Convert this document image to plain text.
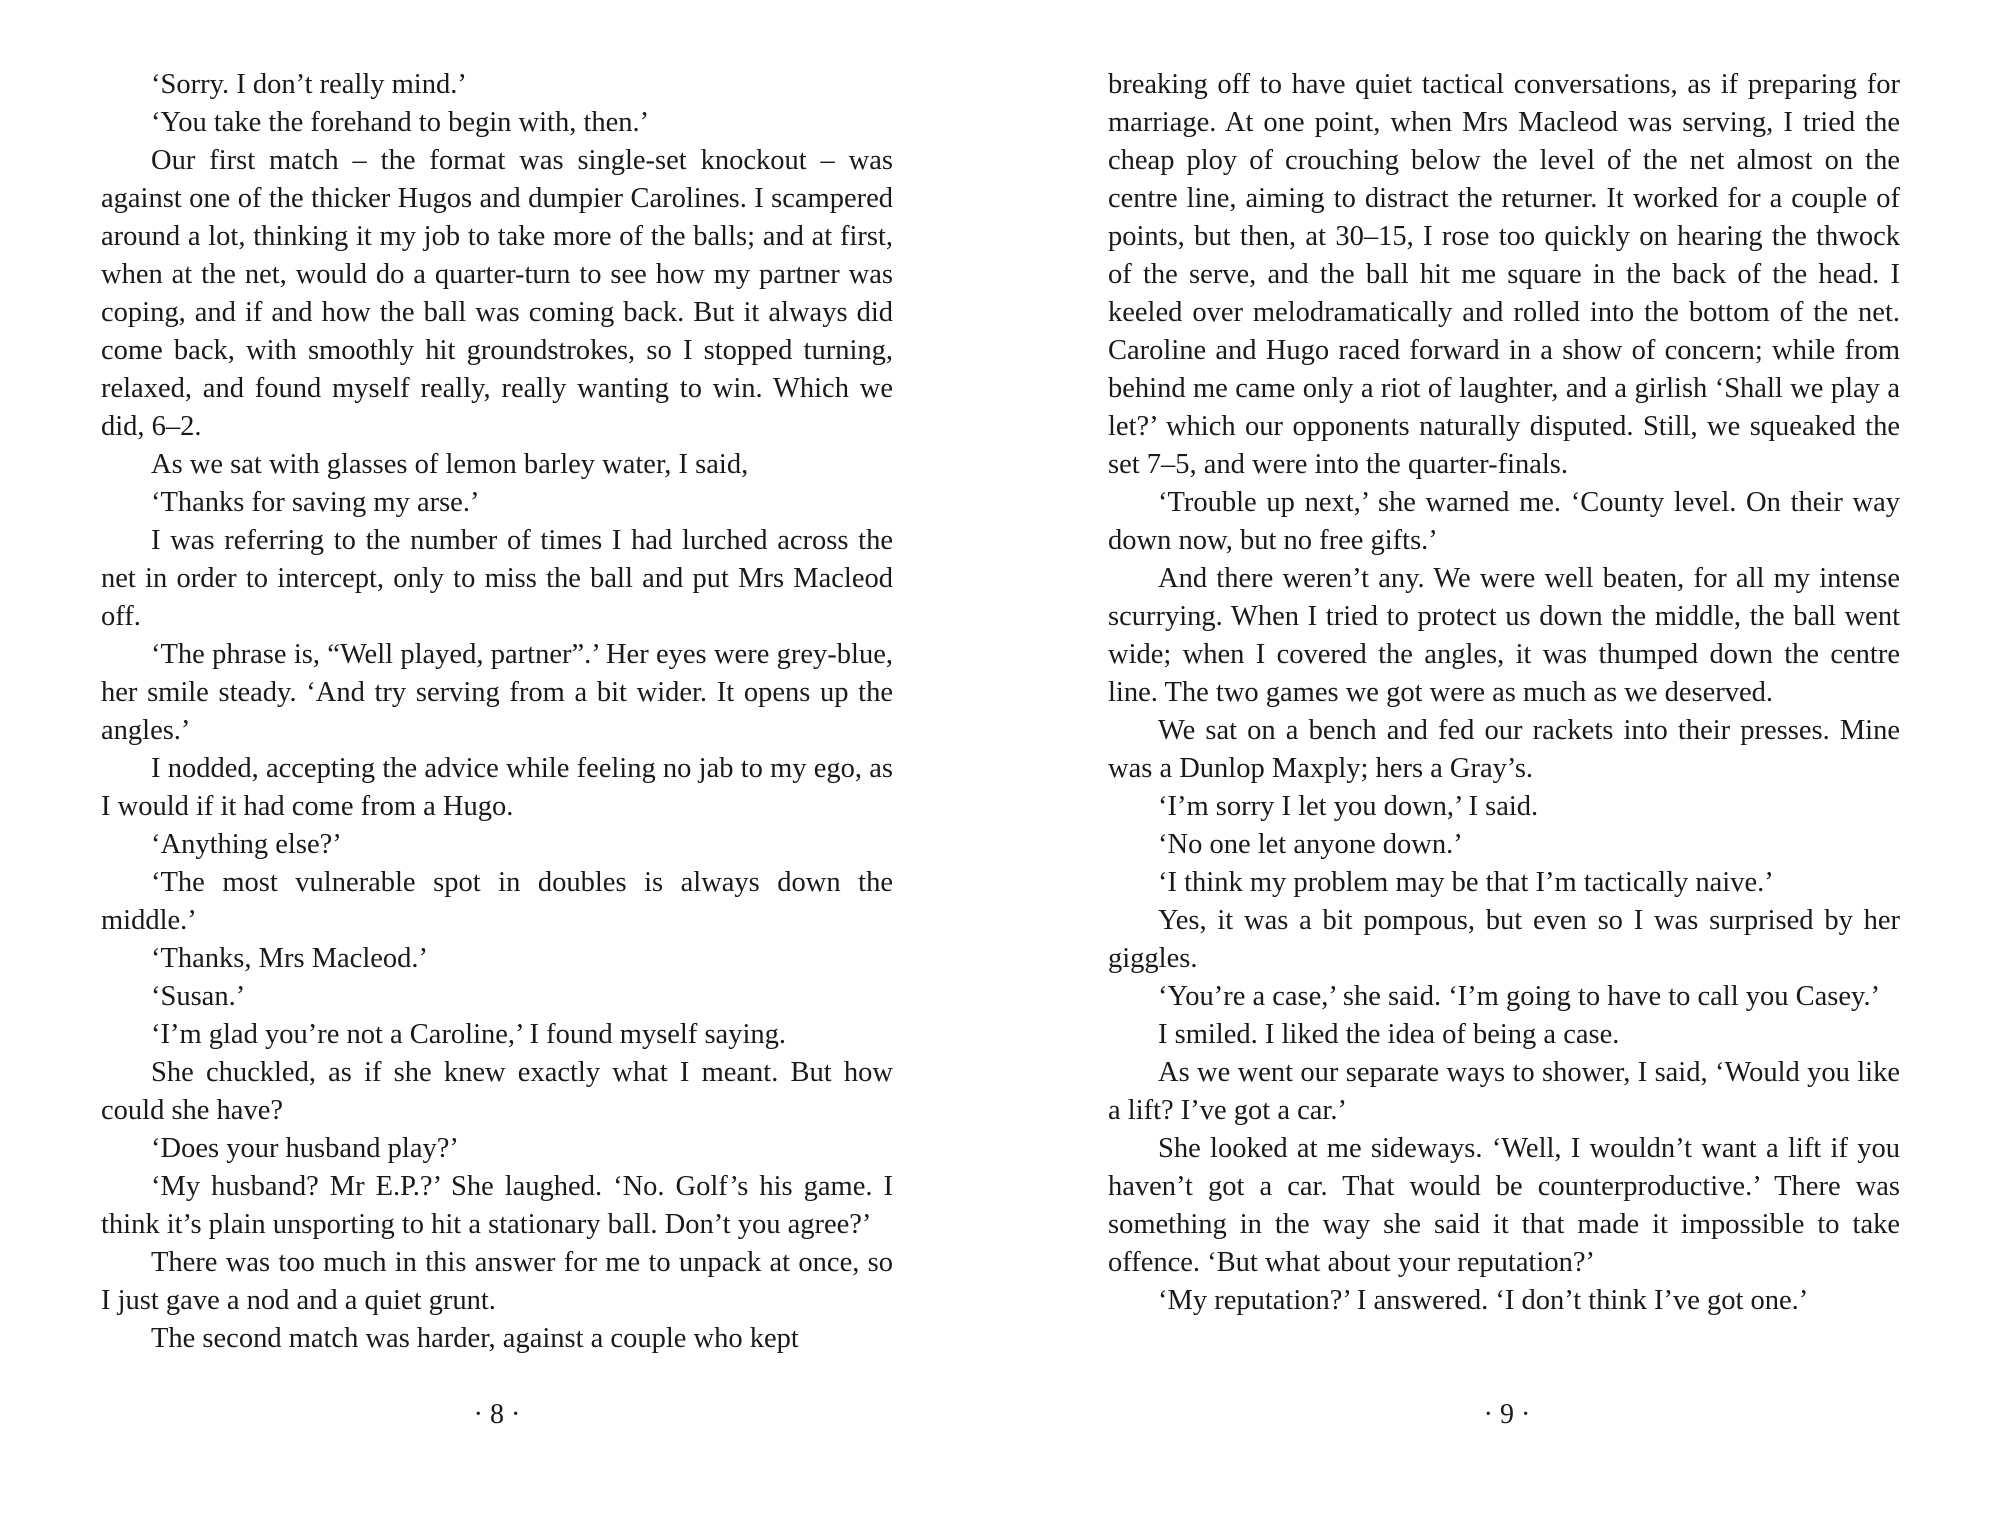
‘Sorry. I don’t really mind.’

‘You take the forehand to begin with, then.’

Our first match – the format was single-set knockout – was against one of the thicker Hugos and dumpier Carolines. I scampered around a lot, thinking it my job to take more of the balls; and at first, when at the net, would do a quarter-turn to see how my partner was coping, and if and how the ball was coming back. But it always did come back, with smoothly hit groundstrokes, so I stopped turning, relaxed, and found myself really, really wanting to win. Which we did, 6–2.

As we sat with glasses of lemon barley water, I said,

‘Thanks for saving my arse.’

I was referring to the number of times I had lurched across the net in order to intercept, only to miss the ball and put Mrs Macleod off.

‘The phrase is, “Well played, partner”.’ Her eyes were grey-blue, her smile steady. ‘And try serving from a bit wider. It opens up the angles.’

I nodded, accepting the advice while feeling no jab to my ego, as I would if it had come from a Hugo.

‘Anything else?’

‘The most vulnerable spot in doubles is always down the middle.’

‘Thanks, Mrs Macleod.’

‘Susan.’

‘I’m glad you’re not a Caroline,’ I found myself saying.

She chuckled, as if she knew exactly what I meant. But how could she have?

‘Does your husband play?’

‘My husband? Mr E.P.?’ She laughed. ‘No. Golf’s his game. I think it’s plain unsporting to hit a stationary ball. Don’t you agree?’

There was too much in this answer for me to unpack at once, so I just gave a nod and a quiet grunt.

The second match was harder, against a couple who kept

· 8 ·

breaking off to have quiet tactical conversations, as if preparing for marriage. At one point, when Mrs Macleod was serving, I tried the cheap ploy of crouching below the level of the net almost on the centre line, aiming to distract the returner. It worked for a couple of points, but then, at 30–15, I rose too quickly on hearing the thwock of the serve, and the ball hit me square in the back of the head. I keeled over melodramatically and rolled into the bottom of the net. Caroline and Hugo raced forward in a show of concern; while from behind me came only a riot of laughter, and a girlish ‘Shall we play a let?’ which our opponents naturally disputed. Still, we squeaked the set 7–5, and were into the quarter-finals.

‘Trouble up next,’ she warned me. ‘County level. On their way down now, but no free gifts.’

And there weren’t any. We were well beaten, for all my intense scurrying. When I tried to protect us down the middle, the ball went wide; when I covered the angles, it was thumped down the centre line. The two games we got were as much as we deserved.

We sat on a bench and fed our rackets into their presses. Mine was a Dunlop Maxply; hers a Gray’s.

‘I’m sorry I let you down,’ I said.

‘No one let anyone down.’

‘I think my problem may be that I’m tactically naive.’

Yes, it was a bit pompous, but even so I was surprised by her giggles.

‘You’re a case,’ she said. ‘I’m going to have to call you Casey.’

I smiled. I liked the idea of being a case.

As we went our separate ways to shower, I said, ‘Would you like a lift? I’ve got a car.’

She looked at me sideways. ‘Well, I wouldn’t want a lift if you haven’t got a car. That would be counterproductive.’ There was something in the way she said it that made it impossible to take offence. ‘But what about your reputation?’

‘My reputation?’ I answered. ‘I don’t think I’ve got one.’

· 9 ·
